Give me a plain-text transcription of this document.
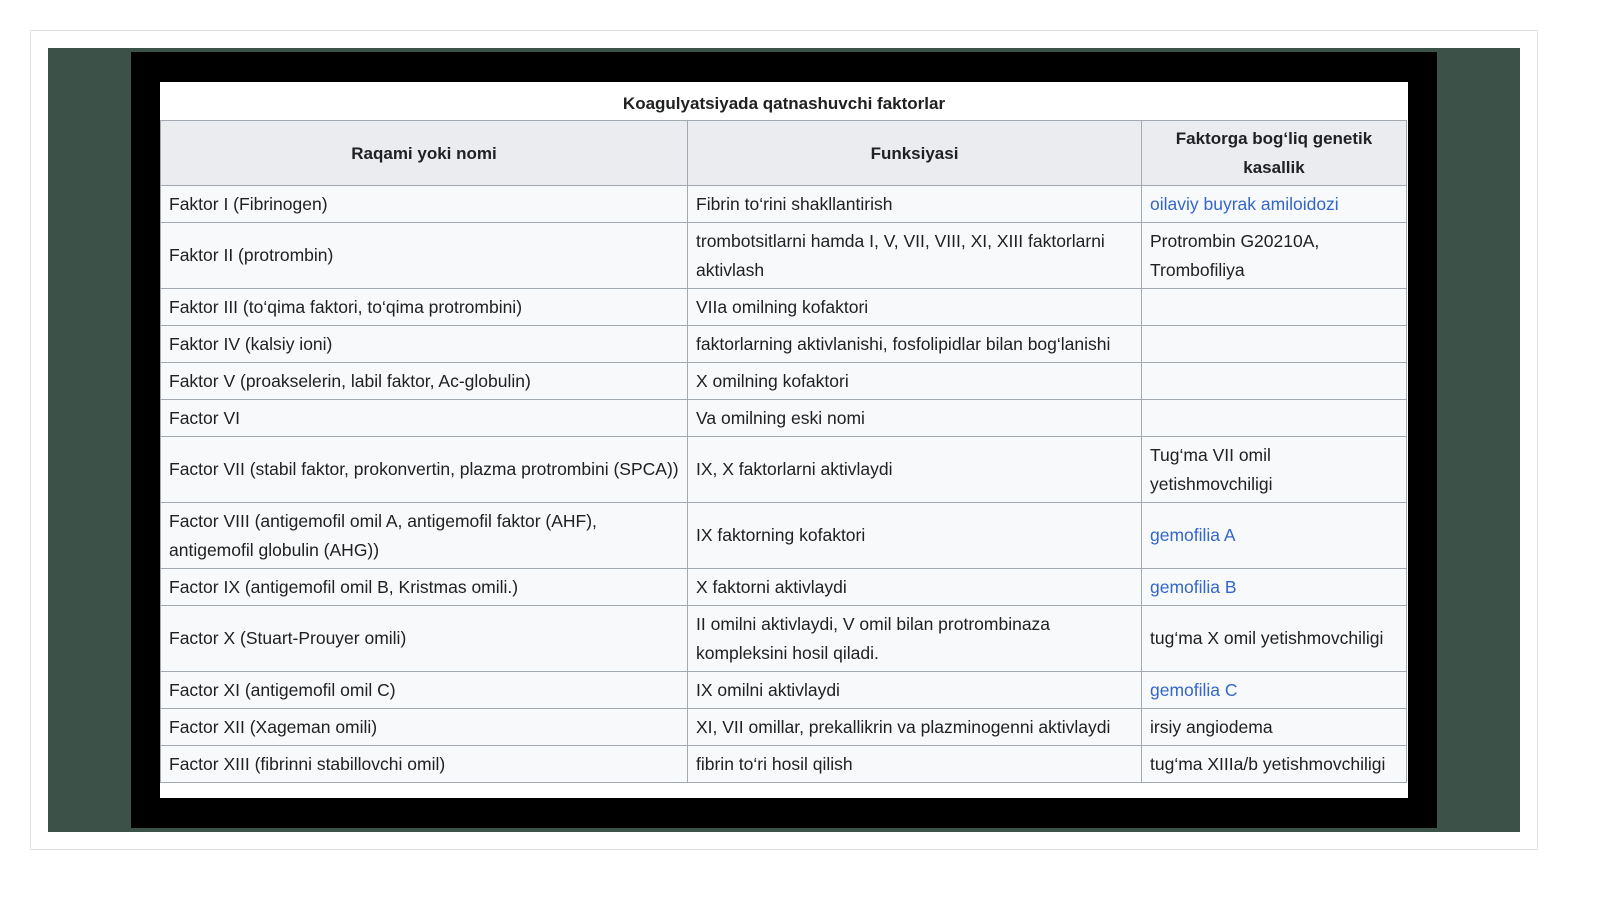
Koagulyatsiyada qatnashuvchi faktorlar
Raqami yoki nomi	Funksiyasi	Faktorga bog‘liq genetik kasallik
Faktor I (Fibrinogen)	Fibrin to‘rini shakllantirish	oilaviy buyrak amiloidozi
Faktor II (protrombin)	trombotsitlarni hamda I, V, VII, VIII, XI, XIII faktorlarni aktivlash	Protrombin G20210A, Trombofiliya
Faktor III (to‘qima faktori, to‘qima protrombini)	VIIa omilning kofaktori	
Faktor IV (kalsiy ioni)	faktorlarning aktivlanishi, fosfolipidlar bilan bog‘lanishi	
Faktor V (proakselerin, labil faktor, Ac-globulin)	X omilning kofaktori	
Factor VI	Va omilning eski nomi	
Factor VII (stabil faktor, prokonvertin, plazma protrombini (SPCA))	IX, X faktorlarni aktivlaydi	Tug‘ma VII omil yetishmovchiligi
Factor VIII (antigemofil omil A, antigemofil faktor (AHF), antigemofil globulin (AHG))	IX faktorning kofaktori	gemofilia A
Factor IX (antigemofil omil B, Kristmas omili.)	X faktorni aktivlaydi	gemofilia B
Factor X (Stuart-Prouyer omili)	II omilni aktivlaydi, V omil bilan protrombinaza kompleksini hosil qiladi.	tug‘ma X omil yetishmovchiligi
Factor XI (antigemofil omil C)	IX omilni aktivlaydi	gemofilia C
Factor XII (Xageman omili)	XI, VII omillar, prekallikrin va plazminogenni aktivlaydi	irsiy angiodema
Factor XIII (fibrinni stabillovchi omil)	fibrin to‘ri hosil qilish	tug‘ma XIIIa/b yetishmovchiligi
